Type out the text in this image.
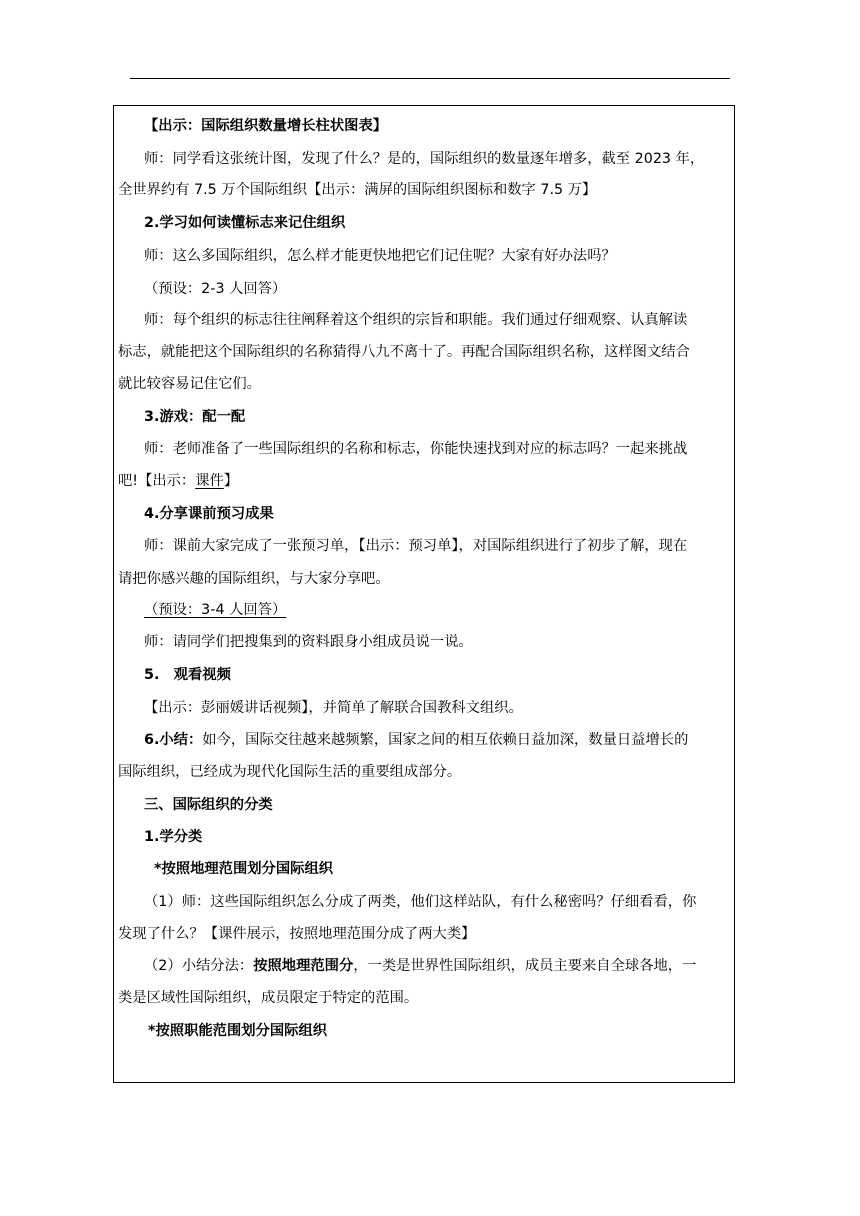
【出示：国际组织数量增长柱状图表】
师：同学看这张统计图，发现了什么？是的，国际组织的数量逐年增多，截至 2023 年，
全世界约有 7.5 万个国际组织【出示：满屏的国际组织图标和数字 7.5 万】
2.学习如何读懂标志来记住组织
师：这么多国际组织，怎么样才能更快地把它们记住呢？大家有好办法吗？
（预设：2-3 人回答）
师：每个组织的标志往往阐释着这个组织的宗旨和职能。我们通过仔细观察、认真解读
标志，就能把这个国际组织的名称猜得八九不离十了。再配合国际组织名称，这样图文结合
就比较容易记住它们。
3.游戏：配一配
师：老师准备了一些国际组织的名称和标志，你能快速找到对应的标志吗？一起来挑战
吧!【出示：课件】
4.分享课前预习成果
师：课前大家完成了一张预习单，【出示：预习单】，对国际组织进行了初步了解，现在
请把你感兴趣的国际组织，与大家分享吧。
（预设：3-4 人回答）
师：请同学们把搜集到的资料跟身小组成员说一说。
5.　观看视频
【出示：彭丽媛讲话视频】，并简单了解联合国教科文组织。
6.小结：如今，国际交往越来越频繁，国家之间的相互依赖日益加深，数量日益增长的
国际组织，已经成为现代化国际生活的重要组成部分。
三、国际组织的分类
1.学分类
*按照地理范围划分国际组织
（1）师：这些国际组织怎么分成了两类，他们这样站队，有什么秘密吗？仔细看看，你
发现了什么？【课件展示，按照地理范围分成了两大类】
（2）小结分法：按照地理范围分，一类是世界性国际组织，成员主要来自全球各地，一
类是区域性国际组织，成员限定于特定的范围。
*按照职能范围划分国际组织
